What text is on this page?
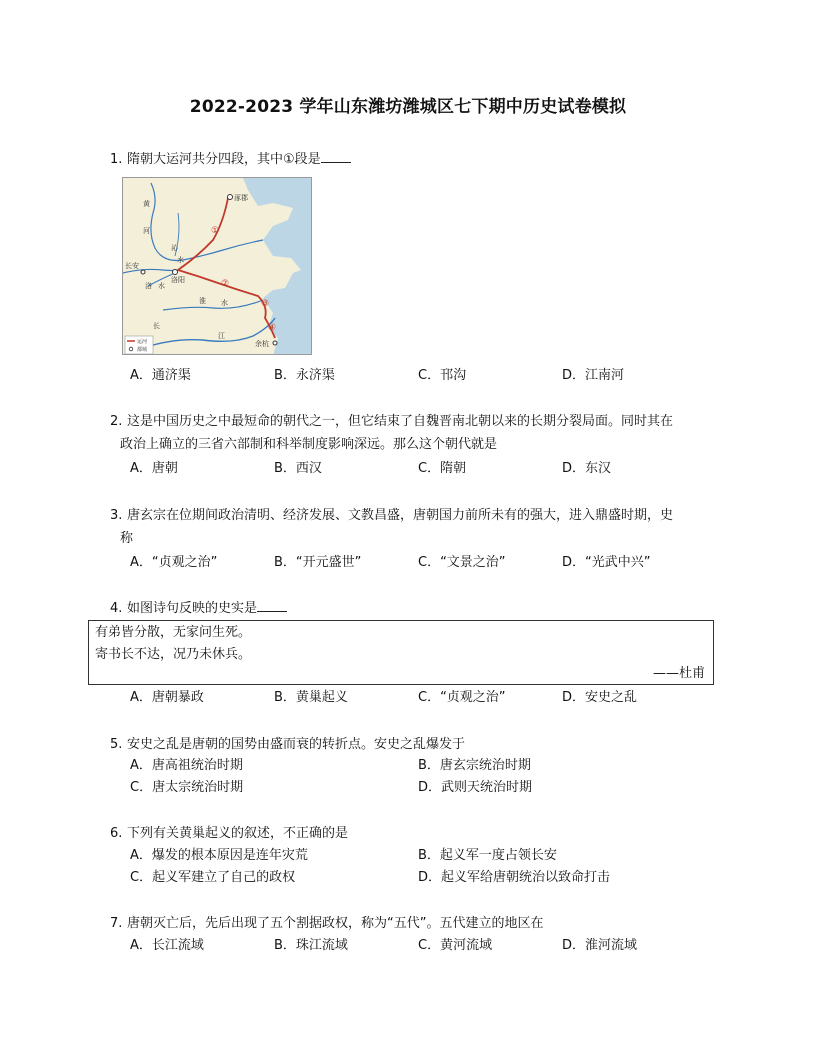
2022-2023 学年山东潍坊潍城区七下期中历史试卷模拟
1. 隋朝大运河共分四段，其中①段是
涿郡
黄
河
沁
水
长安
洛 水
洛阳
淮 水
长
江
余杭
①
②
③
④
运河
都城
A．通济渠	B．永济渠	C．邗沟	D．江南河
2. 这是中国历史之中最短命的朝代之一，但它结束了自魏晋南北朝以来的长期分裂局面。同时其在
政治上确立的三省六部制和科举制度影响深远。那么这个朝代就是
A．唐朝	B．西汉	C．隋朝	D．东汉
3. 唐玄宗在位期间政治清明、经济发展、文教昌盛，唐朝国力前所未有的强大，进入鼎盛时期，史
称
A．“贞观之治”	B．“开元盛世”	C．“文景之治”	D．“光武中兴”
4. 如图诗句反映的史实是
有弟皆分散，无家问生死。
寄书长不达，况乃未休兵。
——杜甫
A．唐朝暴政	B．黄巢起义	C．“贞观之治”	D．安史之乱
5. 安史之乱是唐朝的国势由盛而衰的转折点。安史之乱爆发于
A．唐高祖统治时期	B．唐玄宗统治时期
C．唐太宗统治时期	D．武则天统治时期
6. 下列有关黄巢起义的叙述，不正确的是
A．爆发的根本原因是连年灾荒	B．起义军一度占领长安
C．起义军建立了自己的政权	D．起义军给唐朝统治以致命打击
7. 唐朝灭亡后，先后出现了五个割据政权，称为“五代”。五代建立的地区在
A．长江流域	B．珠江流域	C．黄河流域	D．淮河流域
